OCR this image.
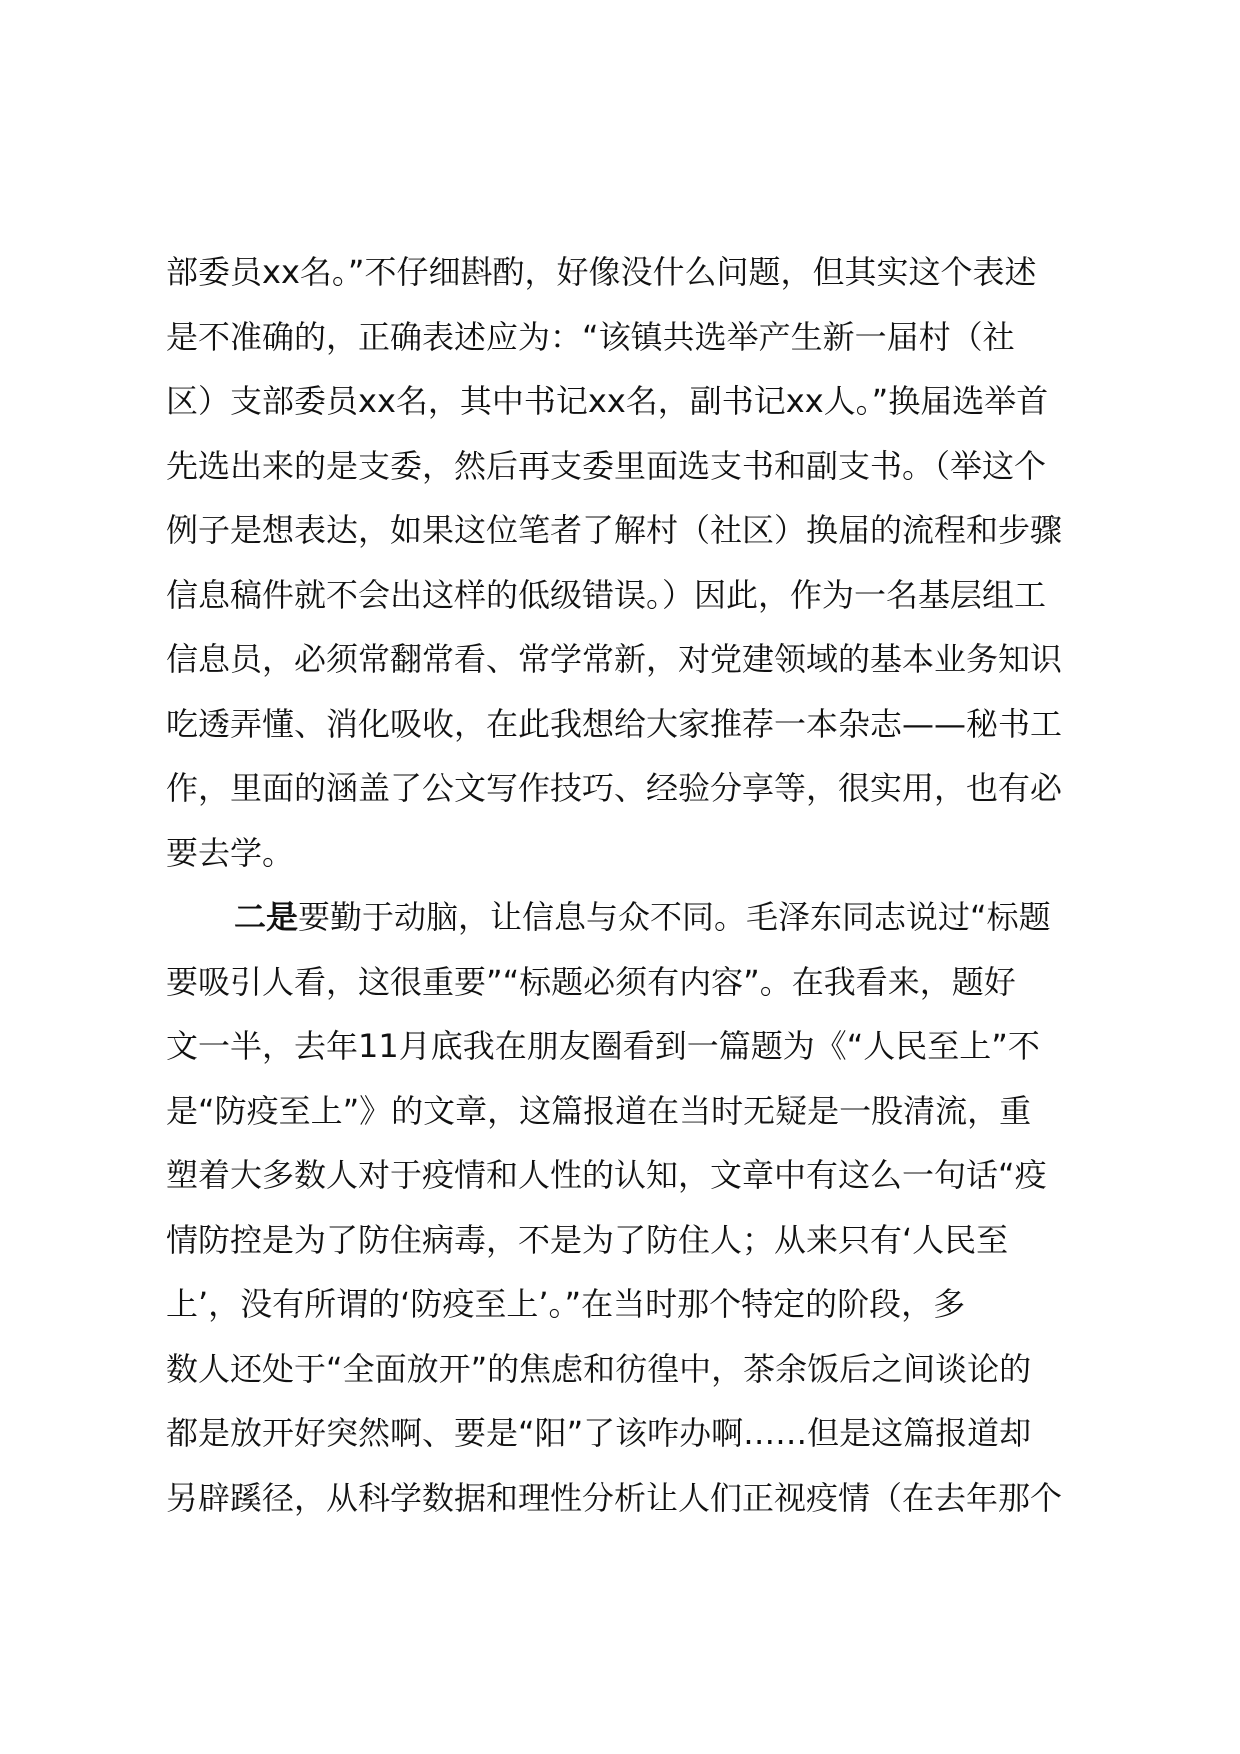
部委员xx名。”不仔细斟酌，好像没什么问题，但其实这个表述
是不准确的，正确表述应为：“该镇共选举产生新一届村（社
区）支部委员xx名，其中书记xx名，副书记xx人。”换届选举首
先选出来的是支委，然后再支委里面选支书和副支书。（举这个
例子是想表达，如果这位笔者了解村（社区）换届的流程和步骤
信息稿件就不会出这样的低级错误。）因此，作为一名基层组工
信息员，必须常翻常看、常学常新，对党建领域的基本业务知识
吃透弄懂、消化吸收，在此我想给大家推荐一本杂志——秘书工
作，里面的涵盖了公文写作技巧、经验分享等，很实用，也有必
要去学。
二是要勤于动脑，让信息与众不同。毛泽东同志说过“标题
要吸引人看，这很重要”“标题必须有内容”。在我看来，题好
文一半，去年11月底我在朋友圈看到一篇题为《“人民至上”不
是“防疫至上”》的文章，这篇报道在当时无疑是一股清流，重
塑着大多数人对于疫情和人性的认知，文章中有这么一句话“疫
情防控是为了防住病毒，不是为了防住人；从来只有‘人民至
上’，没有所谓的‘防疫至上’。”在当时那个特定的阶段，多
数人还处于“全面放开”的焦虑和彷徨中，茶余饭后之间谈论的
都是放开好突然啊、要是“阳”了该咋办啊……但是这篇报道却
另辟蹊径，从科学数据和理性分析让人们正视疫情（在去年那个
